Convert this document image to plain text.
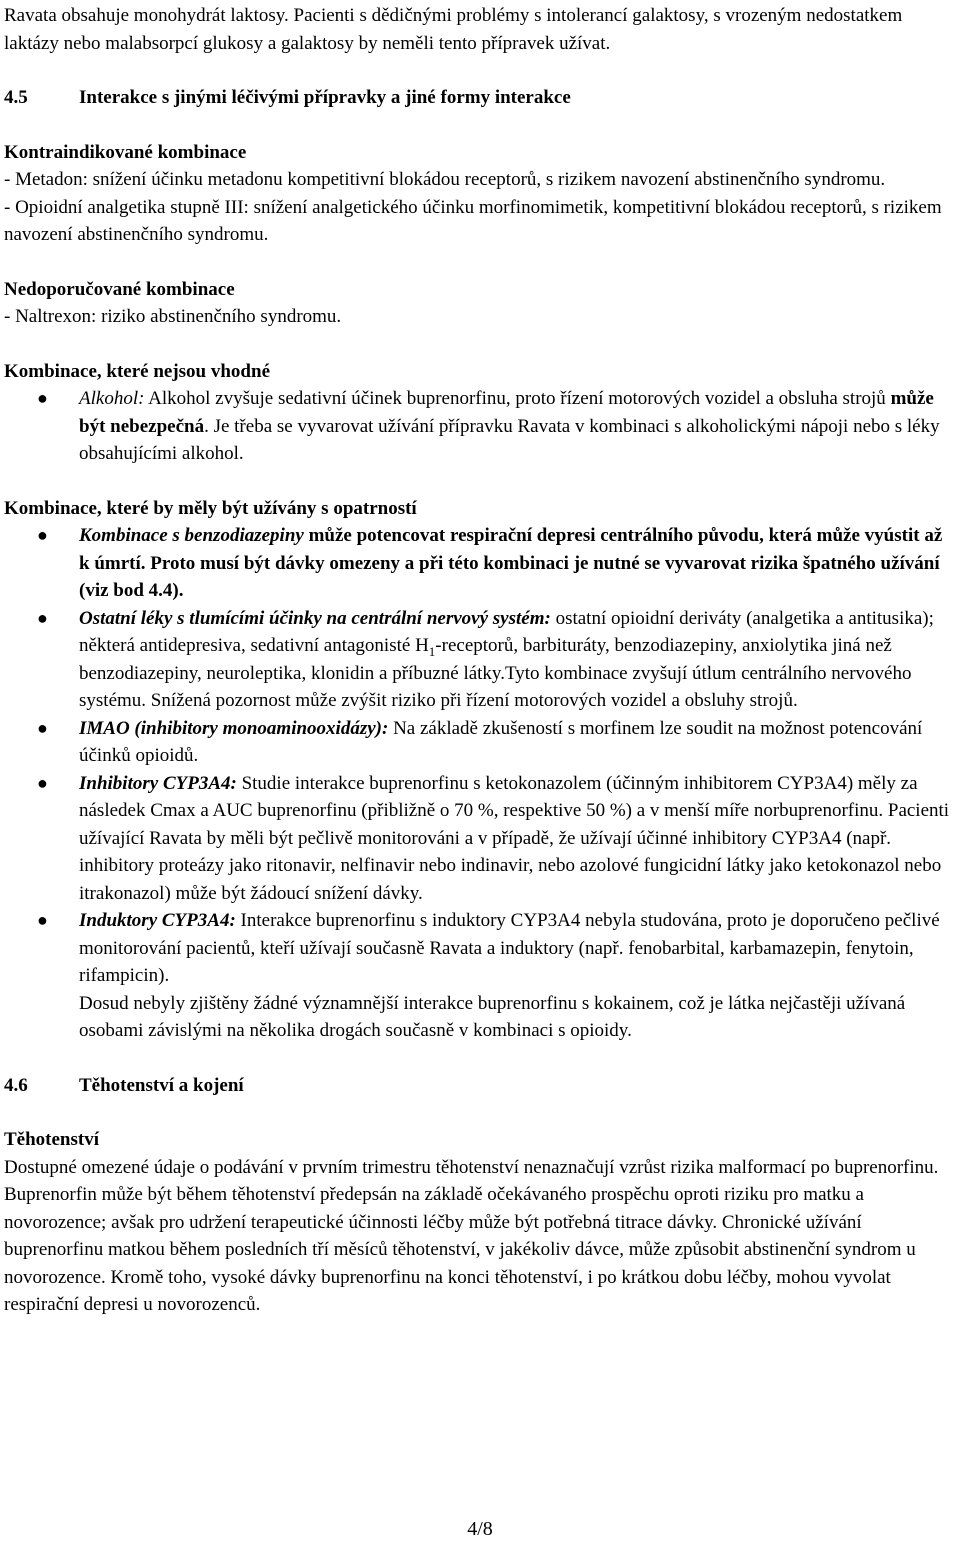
Ravata obsahuje monohydrát laktosy. Pacienti s dědičnými problémy s intolerancí galaktosy, s vrozeným nedostatkem laktázy nebo malabsorpcí glukosy a galaktosy by neměli tento přípravek užívat.

4.5	Interakce s jinými léčivými přípravky a jiné formy interakce

Kontraindikované kombinace

- Metadon: snížení účinku metadonu kompetitivní blokádou receptorů, s rizikem navození abstinenčního syndromu.

- Opioidní analgetika stupně III: snížení analgetického účinku morfinomimetik, kompetitivní blokádou receptorů, s rizikem navození abstinenčního syndromu.

Nedoporučované kombinace

- Naltrexon: riziko abstinenčního syndromu.

Kombinace, které nejsou vhodné

● Alkohol: Alkohol zvyšuje sedativní účinek buprenorfinu, proto řízení motorových vozidel a obsluha strojů může být nebezpečná. Je třeba se vyvarovat užívání přípravku Ravata v kombinaci s alkoholickými nápoji nebo s léky obsahujícími alkohol.

Kombinace, které by měly být užívány s opatrností

● Kombinace s benzodiazepiny může potencovat respirační depresi centrálního původu, která může vyústit až k úmrtí. Proto musí být dávky omezeny a při této kombinaci je nutné se vyvarovat rizika špatného užívání (viz bod 4.4).
● Ostatní léky s tlumícími účinky na centrální nervový systém: ostatní opioidní deriváty (analgetika a antitusika); některá antidepresiva, sedativní antagonisté $H_1$-receptorů, barbituráty, benzodiazepiny, anxiolytika jiná než benzodiazepiny, neuroleptika, klonidin a příbuzné látky.Tyto kombinace zvyšují útlum centrálního nervového systému. Snížená pozornost může zvýšit riziko při řízení motorových vozidel a obsluhy strojů.
● IMAO (inhibitory monoaminooxidázy): Na základě zkušeností s morfinem lze soudit na možnost potencování účinků opioidů.
● Inhibitory CYP3A4: Studie interakce buprenorfinu s ketokonazolem (účinným inhibitorem CYP3A4) měly za následek Cmax a AUC buprenorfinu (přibližně o 70 %, respektive 50 %) a v menší míře norbuprenorfinu. Pacienti užívající Ravata by měli být pečlivě monitorováni a v případě, že užívají účinné inhibitory CYP3A4 (např. inhibitory proteázy jako ritonavir, nelfinavir nebo indinavir, nebo azolové fungicidní látky jako ketokonazol nebo itrakonazol) může být žádoucí snížení dávky.
● Induktory CYP3A4: Interakce buprenorfinu s induktory CYP3A4 nebyla studována, proto je doporučeno pečlivé monitorování pacientů, kteří užívají současně Ravata a induktory (např. fenobarbital, karbamazepin, fenytoin, rifampicin).

Dosud nebyly zjištěny žádné významnější interakce buprenorfinu s kokainem, což je látka nejčastěji užívaná osobami závislými na několika drogách současně v kombinaci s opioidy.

4.6	Těhotenství a kojení

Těhotenství

Dostupné omezené údaje o podávání v prvním trimestru těhotenství nenaznačují vzrůst rizika malformací po buprenorfinu. Buprenorfin může být během těhotenství předepsán na základě očekávaného prospěchu oproti riziku pro matku a novorozence; avšak pro udržení terapeutické účinnosti léčby může být potřebná titrace dávky. Chronické užívání buprenorfinu matkou během posledních tří měsíců těhotenství, v jakékoliv dávce, může způsobit abstinenční syndrom u novorozence. Kromě toho, vysoké dávky buprenorfinu na konci těhotenství, i po krátkou dobu léčby, mohou vyvolat respirační depresi u novorozenců.

4/8
